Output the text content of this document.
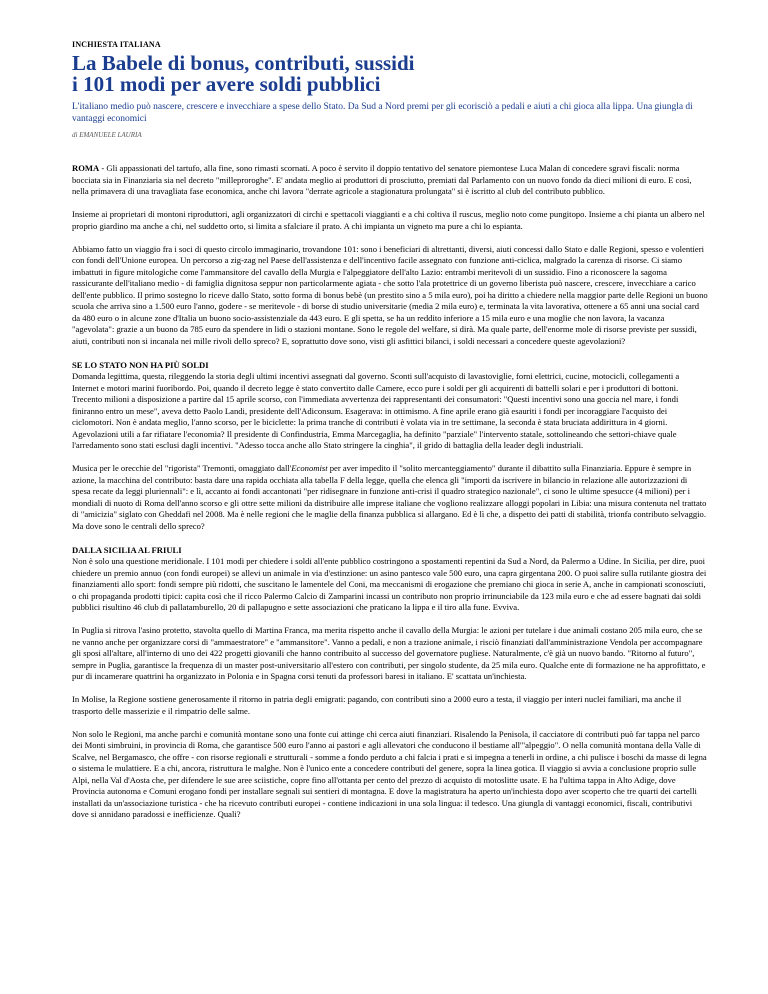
INCHIESTA ITALIANA
La Babele di bonus, contributi, sussidi
i 101 modi per avere soldi pubblici
L'italiano medio può nascere, crescere e invecchiare a spese dello Stato. Da Sud a Nord premi per gli ecorisciò a pedali e aiuti a chi gioca alla lippa. Una giungla di vantaggi economici
di EMANUELE LAURIA

ROMA - Gli appassionati del tartufo, alla fine, sono rimasti scornati. A poco è servito il doppio tentativo del senatore piemontese Luca Malan di concedere sgravi fiscali: norma bocciata sia in Finanziaria sia nel decreto "milleproroghe". E' andata meglio ai produttori di prosciutto, premiati dal Parlamento con un nuovo fondo da dieci milioni di euro. E così, nella primavera di una travagliata fase economica, anche chi lavora "derrate agricole a stagionatura prolungata" si è iscritto al club del contributo pubblico.

Insieme ai proprietari di montoni riproduttori, agli organizzatori di circhi e spettacoli viaggianti e a chi coltiva il ruscus, meglio noto come pungitopo. Insieme a chi pianta un albero nel proprio giardino ma anche a chi, nel suddetto orto, si limita a sfalciare il prato. A chi impianta un vigneto ma pure a chi lo espianta.

Abbiamo fatto un viaggio fra i soci di questo circolo immaginario, trovandone 101: sono i beneficiari di altrettanti, diversi, aiuti concessi dallo Stato e dalle Regioni, spesso e volentieri con fondi dell'Unione europea. Un percorso a zig-zag nel Paese dell'assistenza e dell'incentivo facile assegnato con funzione anti-ciclica, malgrado la carenza di risorse. Ci siamo imbattuti in figure mitologiche come l'ammansitore del cavallo della Murgia e l'alpeggiatore dell'alto Lazio: entrambi meritevoli di un sussidio. Fino a riconoscere la sagoma rassicurante dell'italiano medio - di famiglia dignitosa seppur non particolarmente agiata - che sotto l'ala protettrice di un governo liberista può nascere, crescere, invecchiare a carico dell'ente pubblico. Il primo sostegno lo riceve dallo Stato, sotto forma di bonus bebè (un prestito sino a 5 mila euro), poi ha diritto a chiedere nella maggior parte delle Regioni un buono scuola che arriva sino a 1.500 euro l'anno, godere - se meritevole - di borse di studio universitarie (media 2 mila euro) e, terminata la vita lavorativa, ottenere a 65 anni una social card da 480 euro o in alcune zone d'Italia un buono socio-assistenziale da 443 euro. E gli spetta, se ha un reddito inferiore a 15 mila euro e una moglie che non lavora, la vacanza "agevolata": grazie a un buono da 785 euro da spendere in lidi o stazioni montane. Sono le regole del welfare, si dirà. Ma quale parte, dell'enorme mole di risorse previste per sussidi, aiuti, contributi non si incanala nei mille rivoli dello spreco? E, soprattutto dove sono, visti gli asfittici bilanci, i soldi necessari a concedere queste agevolazioni?

SE LO STATO NON HA PIÙ SOLDI

Domanda legittima, questa, rileggendo la storia degli ultimi incentivi assegnati dal governo. Sconti sull'acquisto di lavastoviglie, forni elettrici, cucine, motocicli, collegamenti a Internet e motori marini fuoribordo. Poi, quando il decreto legge è stato convertito dalle Camere, ecco pure i soldi per gli acquirenti di battelli solari e per i produttori di bottoni. Trecento milioni a disposizione a partire dal 15 aprile scorso, con l'immediata avvertenza dei rappresentanti dei consumatori: "Questi incentivi sono una goccia nel mare, i fondi finiranno entro un mese", aveva detto Paolo Landi, presidente dell'Adiconsum. Esagerava: in ottimismo. A fine aprile erano già esauriti i fondi per incoraggiare l'acquisto dei ciclomotori. Non è andata meglio, l'anno scorso, per le biciclette: la prima tranche di contributi è volata via in tre settimane, la seconda è stata bruciata addirittura in 4 giorni. Agevolazioni utili a far rifiatare l'economia? Il presidente di Confindustria, Emma Marcegaglia, ha definito "parziale" l'intervento statale, sottolineando che settori-chiave quale l'arredamento sono stati esclusi dagli incentivi. "Adesso tocca anche allo Stato stringere la cinghia", il grido di battaglia della leader degli industriali.

Musica per le orecchie del "rigorista" Tremonti, omaggiato dall'Economist per aver impedito il "solito mercanteggiamento" durante il dibattito sulla Finanziaria. Eppure è sempre in azione, la macchina del contributo: basta dare una rapida occhiata alla tabella F della legge, quella che elenca gli "importi da iscrivere in bilancio in relazione alle autorizzazioni di spesa recate da leggi pluriennali": e lì, accanto ai fondi accantonati "per ridisegnare in funzione anti-crisi il quadro strategico nazionale", ci sono le ultime spesucce (4 milioni) per i mondiali di nuoto di Roma dell'anno scorso e gli ottre sette milioni da distribuire alle imprese italiane che vogliono realizzare alloggi popolari in Libia: una misura contenuta nel trattato di "amicizia" siglato con Gheddafi nel 2008. Ma è nelle regioni che le maglie della finanza pubblica si allargano. Ed è lì che, a dispetto dei patti di stabilità, trionfa contributo selvaggio. Ma dove sono le centrali dello spreco?

DALLA SICILIA AL FRIULI

Non è solo una questione meridionale. I 101 modi per chiedere i soldi all'ente pubblico costringono a spostamenti repentini da Sud a Nord, da Palermo a Udine. In Sicilia, per dire, puoi chiedere un premio annuo (con fondi europei) se allevi un animale in via d'estinzione: un asino pantesco vale 500 euro, una capra girgentana 200. O puoi salire sulla rutilante giostra dei finanziamenti allo sport: fondi sempre più ridotti, che suscitano le lamentele del Coni, ma meccanismi di erogazione che premiano chi gioca in serie A, anche in campionati sconosciuti, o chi propaganda prodotti tipici: capita così che il ricco Palermo Calcio di Zamparini incassi un contributo non proprio irrinunciabile da 123 mila euro e che ad essere bagnati dai soldi pubblici risultino 46 club di pallatamburello, 20 di pallapugno e sette associazioni che praticano la lippa e il tiro alla fune. Evviva.

In Puglia si ritrova l'asino protetto, stavolta quello di Martina Franca, ma merita rispetto anche il cavallo della Murgia: le azioni per tutelare i due animali costano 205 mila euro, che se ne vanno anche per organizzare corsi di "ammaestratore" e "ammansitore". Vanno a pedali, e non a trazione animale, i risciò finanziati dall'amministrazione Vendola per accompagnare gli sposi all'altare, all'interno di uno dei 422 progetti giovanili che hanno contribuito al successo del governatore pugliese. Naturalmente, c'è già un nuovo bando. "Ritorno al futuro", sempre in Puglia, garantisce la frequenza di un master post-universitario all'estero con contributi, per singolo studente, da 25 mila euro. Qualche ente di formazione ne ha approfittato, e pur di incamerare quattrini ha organizzato in Polonia e in Spagna corsi tenuti da professori baresi in italiano. E' scattata un'inchiesta.

In Molise, la Regione sostiene generosamente il ritorno in patria degli emigrati: pagando, con contributi sino a 2000 euro a testa, il viaggio per interi nuclei familiari, ma anche il trasporto delle masserizie e il rimpatrio delle salme.

Non solo le Regioni, ma anche parchi e comunità montane sono una fonte cui attinge chi cerca aiuti finanziari. Risalendo la Penisola, il cacciatore di contributi può far tappa nel parco dei Monti simbruini, in provincia di Roma, che garantisce 500 euro l'anno ai pastori e agli allevatori che conducono il bestiame all'"alpeggio". O nella comunità montana della Valle di Scalve, nel Bergamasco, che offre - con risorse regionali e strutturali - somme a fondo perduto a chi falcia i prati e si impegna a tenerli in ordine, a chi pulisce i boschi da masse di legna o sistema le mulattiere. E a chi, ancora, ristruttura le malghe. Non è l'unico ente a concedere contributi del genere, sopra la linea gotica. Il viaggio si avvia a conclusione proprio sulle Alpi, nella Val d'Aosta che, per difendere le sue aree sciistiche, copre fino all'ottanta per cento del prezzo di acquisto di motoslitte usate. E ha l'ultima tappa in Alto Adige, dove Provincia autonoma e Comuni erogano fondi per installare segnali sui sentieri di montagna. E dove la magistratura ha aperto un'inchiesta dopo aver scoperto che tre quarti dei cartelli installati da un'associazione turistica - che ha ricevuto contributi europei - contiene indicazioni in una sola lingua: il tedesco. Una giungla di vantaggi economici, fiscali, contributivi dove si annidano paradossi e inefficienze. Quali?
